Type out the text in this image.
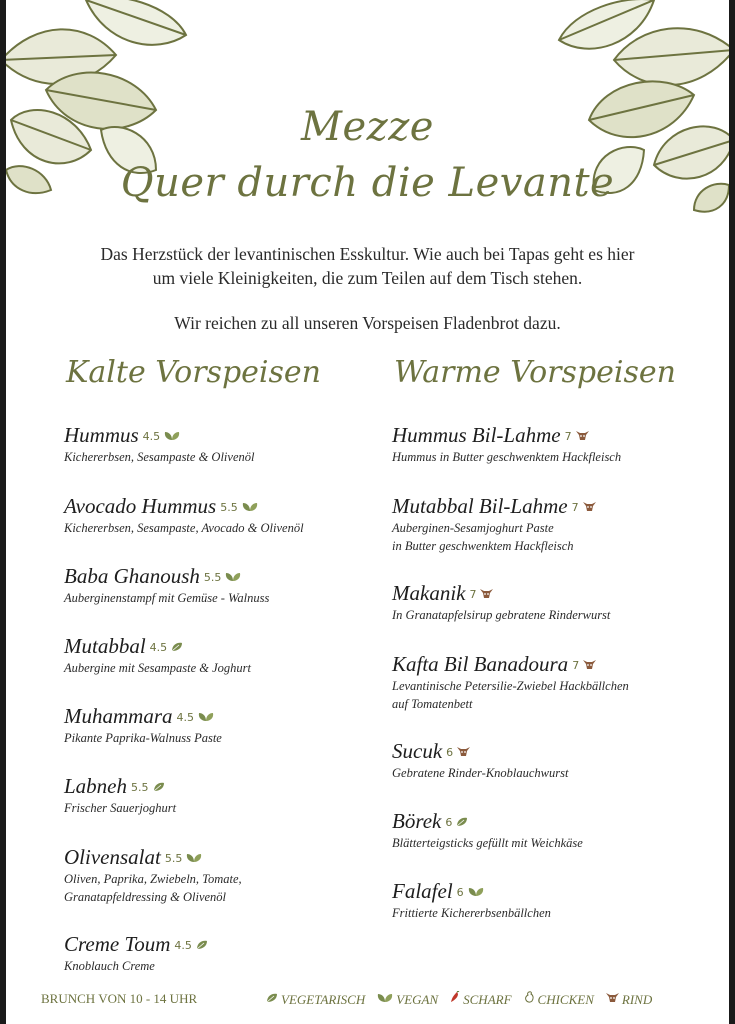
Mezze
Quer durch die Levante
Das Herzstück der levantinischen Esskultur. Wie auch bei Tapas geht es hier
um viele Kleinigkeiten, die zum Teilen auf dem Tisch stehen.
Wir reichen zu all unseren Vorspeisen Fladenbrot dazu.
Kalte Vorspeisen Warme Vorspeisen
Hummus 4.5
Kichererbsen, Sesampaste & Olivenöl
Avocado Hummus 5.5
Kichererbsen, Sesampaste, Avocado & Olivenöl
Baba Ghanoush 5.5
Auberginenstampf mit Gemüse - Walnuss
Mutabbal 4.5
Aubergine mit Sesampaste & Joghurt
Muhammara 4.5
Pikante Paprika-Walnuss Paste
Labneh 5.5
Frischer Sauerjoghurt
Olivensalat 5.5
Oliven, Paprika, Zwiebeln, Tomate,
Granatapfeldressing & Olivenöl
Creme Toum 4.5
Knoblauch Creme
Hummus Bil-Lahme 7
Hummus in Butter geschwenktem Hackfleisch
Mutabbal Bil-Lahme 7
Auberginen-Sesamjoghurt Paste
in Butter geschwenktem Hackfleisch
Makanik 7
In Granatapfelsirup gebratene Rinderwurst
Kafta Bil Banadoura 7
Levantinische Petersilie-Zwiebel Hackbällchen
auf Tomatenbett
Sucuk 6
Gebratene Rinder-Knoblauchwurst
Börek 6
Blätterteigsticks gefüllt mit Weichkäse
Falafel 6
Frittierte Kichererbsenbällchen
BRUNCH VON 10 - 14 UHR	VEGETARISCH VEGAN SCHARF CHICKEN RIND
